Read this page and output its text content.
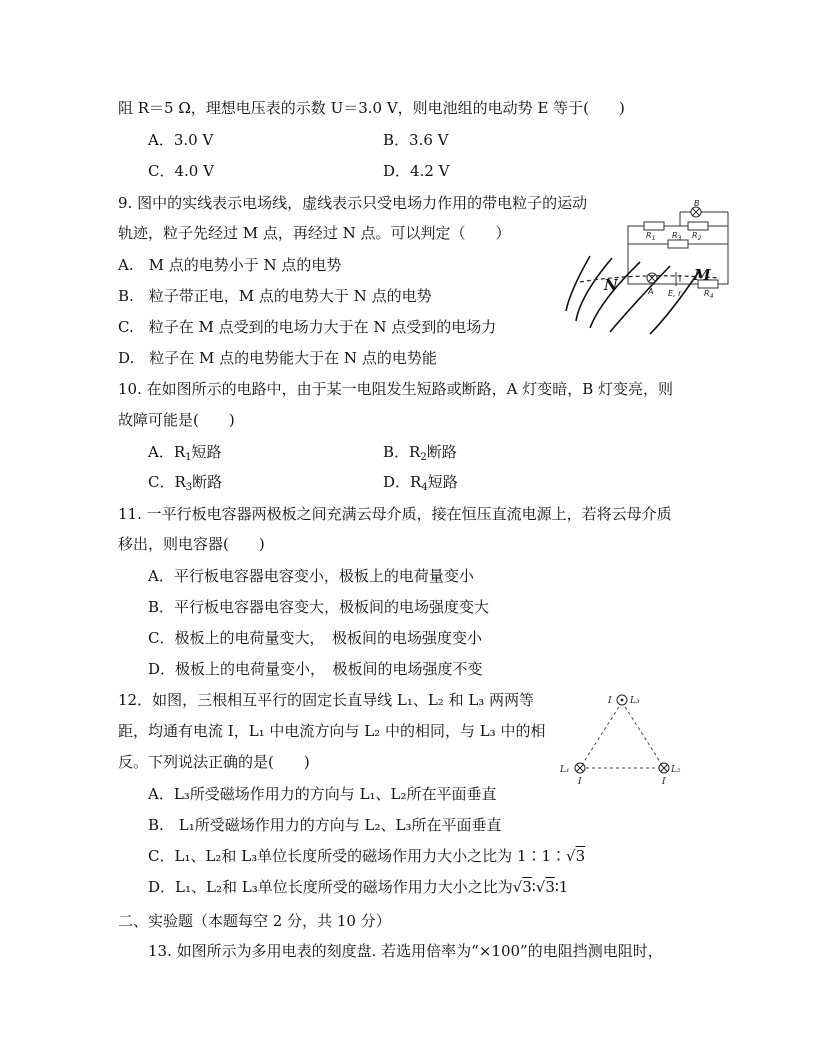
阻 R＝5 Ω，理想电压表的示数 U＝3.0 V，则电池组的电动势 E 等于(　　)
A．3.0 V	B．3.6 V
C．4.0 V	D．4.2 V
9. 图中的实线表示电场线，虚线表示只受电场力作用的带电粒子的运动
轨迹，粒子先经过 M 点，再经过 N 点。可以判定（　　）
A.　M 点的电势小于 N 点的电势
B.　粒子带正电，M 点的电势大于 N 点的电势
C.　粒子在 M 点受到的电场力大于在 N 点受到的电场力
D.　粒子在 M 点的电势能大于在 N 点的电势能
B
$R_1$	$R_2$
$R_3$
$R_4$
A E, r
N
M
10. 在如图所示的电路中，由于某一电阻发生短路或断路，A 灯变暗，B 灯变亮，则
故障可能是(　　)
A．$R_1$短路	B．$R_2$断路
C．$R_3$断路	D．$R_4$短路
11. 一平行板电容器两极板之间充满云母介质，接在恒压直流电源上，若将云母介质
移出，则电容器(　　)
A．平行板电容器电容变小，极板上的电荷量变小
B．平行板电容器电容变大，极板间的电场强度变大
C．极板上的电荷量变大，　极板间的电场强度变小
D．极板上的电荷量变小，　极板间的电场强度不变
12．如图，三根相互平行的固定长直导线 L₁、L₂ 和 L₃ 两两等
距，均通有电流 I，L₁ 中电流方向与 L₂ 中的相同，与 L₃ 中的相
反。下列说法正确的是(　　)
A．L₃所受磁场作用力的方向与 L₁、L₂所在平面垂直
B.　L₁所受磁场作用力的方向与 L₂、L₃所在平面垂直
C．L₁、L₂和 L₃单位长度所受的磁场作用力大小之比为 1∶1∶√3
D．L₁、L₂和 L₃单位长度所受的磁场作用力大小之比为√3∶√3∶1
I L₃
L₁
I
L₂
I
二、实验题（本题每空 2 分，共 10 分）
13. 如图所示为多用电表的刻度盘. 若选用倍率为“×100”的电阻挡测电阻时，
